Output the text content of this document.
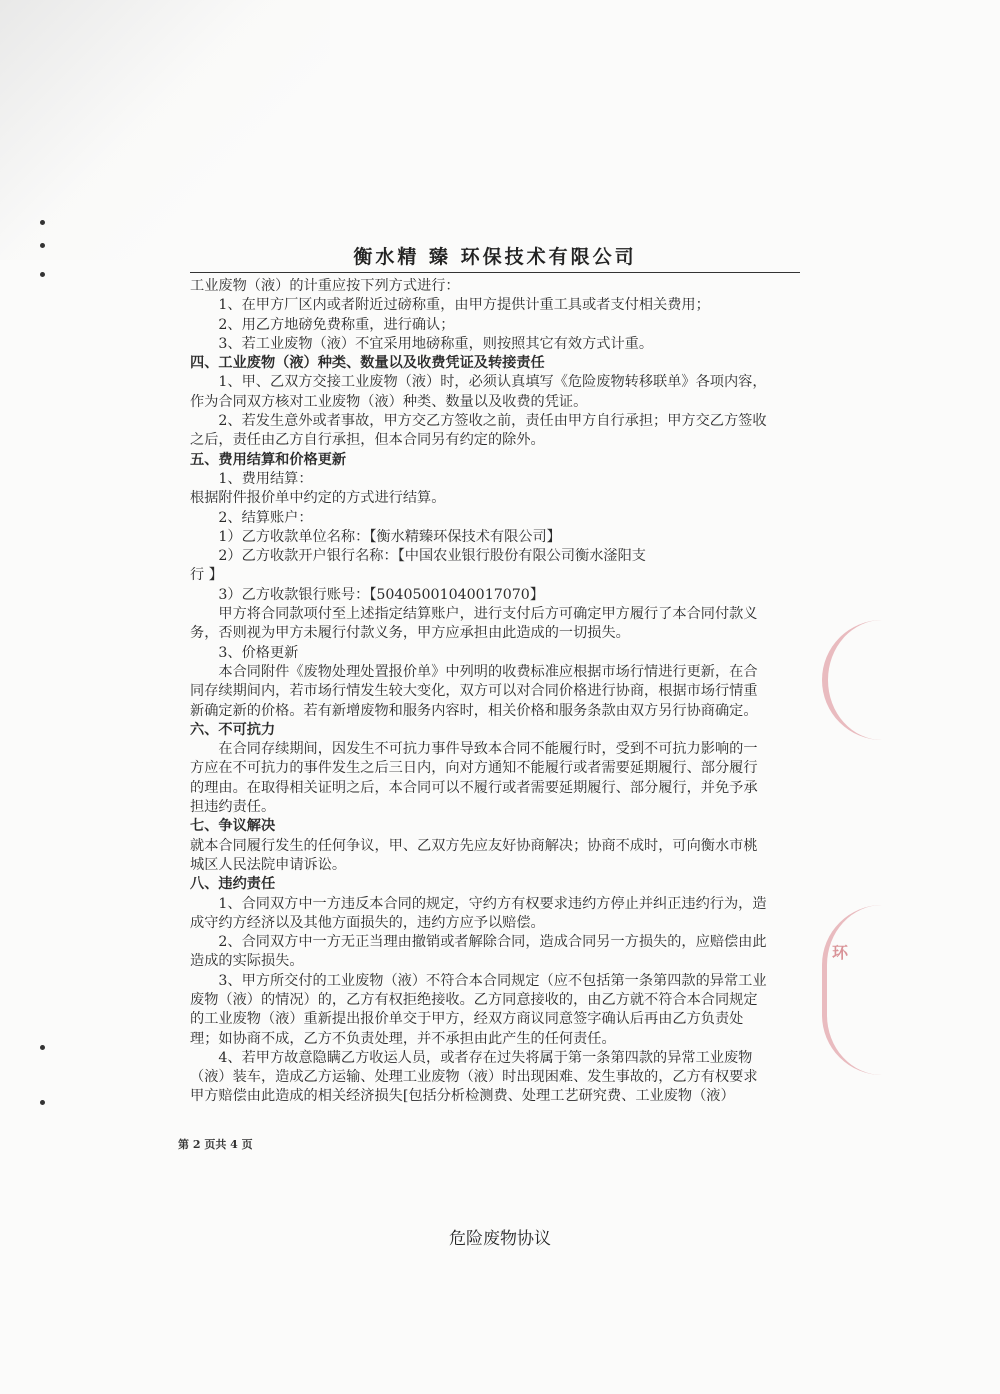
环
衡水精 臻 环保技术有限公司

工业废物（液）的计重应按下列方式进行：

1、在甲方厂区内或者附近过磅称重，由甲方提供计重工具或者支付相关费用；

2、用乙方地磅免费称重，进行确认；

3、若工业废物（液）不宜采用地磅称重，则按照其它有效方式计重。

四、工业废物（液）种类、数量以及收费凭证及转接责任

1、甲、乙双方交接工业废物（液）时，必须认真填写《危险废物转移联单》各项内容，作为合同双方核对工业废物（液）种类、数量以及收费的凭证。

2、若发生意外或者事故，甲方交乙方签收之前，责任由甲方自行承担；甲方交乙方签收之后，责任由乙方自行承担，但本合同另有约定的除外。

五、费用结算和价格更新

1、费用结算：

根据附件报价单中约定的方式进行结算。

2、结算账户：

1）乙方收款单位名称：【衡水精臻环保技术有限公司】

2）乙方收款开户银行名称：【中国农业银行股份有限公司衡水滏阳支

行 】

3）乙方收款银行账号：【50405001040017070】

甲方将合同款项付至上述指定结算账户，进行支付后方可确定甲方履行了本合同付款义务，否则视为甲方未履行付款义务，甲方应承担由此造成的一切损失。

3、价格更新

本合同附件《废物处理处置报价单》中列明的收费标准应根据市场行情进行更新，在合同存续期间内，若市场行情发生较大变化，双方可以对合同价格进行协商，根据市场行情重新确定新的价格。若有新增废物和服务内容时，相关价格和服务条款由双方另行协商确定。

六、不可抗力

在合同存续期间，因发生不可抗力事件导致本合同不能履行时，受到不可抗力影响的一方应在不可抗力的事件发生之后三日内，向对方通知不能履行或者需要延期履行、部分履行的理由。在取得相关证明之后，本合同可以不履行或者需要延期履行、部分履行，并免予承担违约责任。

七、争议解决

就本合同履行发生的任何争议，甲、乙双方先应友好协商解决；协商不成时，可向衡水市桃城区人民法院申请诉讼。

八、违约责任

1、合同双方中一方违反本合同的规定，守约方有权要求违约方停止并纠正违约行为，造成守约方经济以及其他方面损失的，违约方应予以赔偿。

2、合同双方中一方无正当理由撤销或者解除合同，造成合同另一方损失的，应赔偿由此造成的实际损失。

3、甲方所交付的工业废物（液）不符合本合同规定（应不包括第一条第四款的异常工业废物（液）的情况）的，乙方有权拒绝接收。乙方同意接收的，由乙方就不符合本合同规定的工业废物（液）重新提出报价单交于甲方，经双方商议同意签字确认后再由乙方负责处理；如协商不成，乙方不负责处理，并不承担由此产生的任何责任。

4、若甲方故意隐瞒乙方收运人员，或者存在过失将属于第一条第四款的异常工业废物（液）装车，造成乙方运输、处理工业废物（液）时出现困难、发生事故的，乙方有权要求甲方赔偿由此造成的相关经济损失[包括分析检测费、处理工艺研究费、工业废物（液）

第 2 页共 4 页
危险废物协议
